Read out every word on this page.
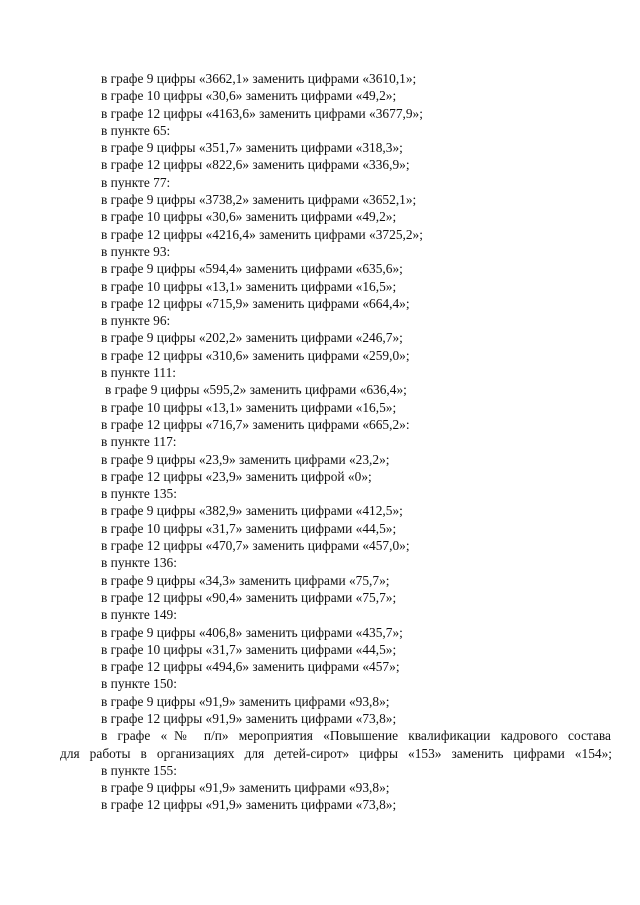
в графе 9 цифры «3662,1» заменить цифрами «3610,1»;
в графе 10 цифры «30,6» заменить цифрами «49,2»;
в графе 12 цифры «4163,6» заменить цифрами «3677,9»;
в пункте 65:
в графе 9 цифры «351,7» заменить цифрами «318,3»;
в графе 12 цифры «822,6» заменить цифрами «336,9»;
в пункте 77:
в графе 9 цифры «3738,2» заменить цифрами «3652,1»;
в графе 10 цифры «30,6» заменить цифрами «49,2»;
в графе 12 цифры «4216,4» заменить цифрами «3725,2»;
в пункте 93:
в графе 9 цифры «594,4» заменить цифрами «635,6»;
в графе 10 цифры «13,1» заменить цифрами «16,5»;
в графе 12 цифры «715,9» заменить цифрами «664,4»;
в пункте 96:
в графе 9 цифры «202,2» заменить цифрами «246,7»;
в графе 12 цифры «310,6» заменить цифрами «259,0»;
в пункте 111:
в графе 9 цифры «595,2» заменить цифрами «636,4»;
в графе 10 цифры «13,1» заменить цифрами «16,5»;
в графе 12 цифры «716,7» заменить цифрами «665,2»:
в пункте 117:
в графе 9 цифры «23,9» заменить цифрами «23,2»;
в графе 12 цифры «23,9» заменить цифрой «0»;
в пункте 135:
в графе 9 цифры «382,9» заменить цифрами «412,5»;
в графе 10 цифры «31,7» заменить цифрами «44,5»;
в графе 12 цифры «470,7» заменить цифрами «457,0»;
в пункте 136:
в графе 9 цифры «34,3» заменить цифрами «75,7»;
в графе 12 цифры «90,4» заменить цифрами «75,7»;
в пункте 149:
в графе 9 цифры «406,8» заменить цифрами «435,7»;
в графе 10 цифры «31,7» заменить цифрами «44,5»;
в графе 12 цифры «494,6» заменить цифрами «457»;
в пункте 150:
в графе 9 цифры «91,9» заменить цифрами «93,8»;
в графе 12 цифры «91,9» заменить цифрами «73,8»;
в графе «№ п/п» мероприятия «Повышение квалификации кадрового состава
для работы в организациях для детей-сирот» цифры «153» заменить цифрами «154»;
в пункте 155:
в графе 9 цифры «91,9» заменить цифрами «93,8»;
в графе 12 цифры «91,9» заменить цифрами «73,8»;
